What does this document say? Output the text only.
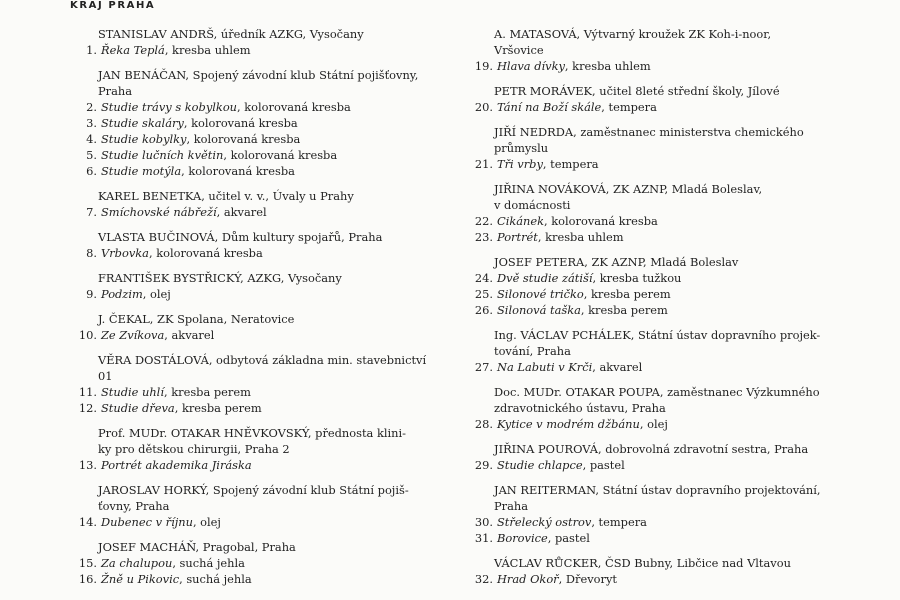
KRAJ PRAHA
STANISLAV ANDRŠ, úředník AZKG, Vysočany
1. Řeka Teplá, kresba uhlem
JAN BENÁČAN, Spojený závodní klub Státní pojišťovny,
Praha
2. Studie trávy s kobylkou, kolorovaná kresba
3. Studie skaláry, kolorovaná kresba
4. Studie kobylky, kolorovaná kresba
5. Studie lučních květin, kolorovaná kresba
6. Studie motýla, kolorovaná kresba
KAREL BENETKA, učitel v. v., Úvaly u Prahy
7. Smíchovské nábřeží, akvarel
VLASTA BUČINOVÁ, Dům kultury spojařů, Praha
8. Vrbovka, kolorovaná kresba
FRANTIŠEK BYSTŘICKÝ, AZKG, Vysočany
9. Podzim, olej
J. ČEKAL, ZK Spolana, Neratovice
10. Ze Zvíkova, akvarel
VĚRA DOSTÁLOVÁ, odbytová základna min. stavebnictví
01
11. Studie uhlí, kresba perem
12. Studie dřeva, kresba perem
Prof. MUDr. OTAKAR HNĚVKOVSKÝ, přednosta klini-
ky pro dětskou chirurgii, Praha 2
13. Portrét akademika Jiráska
JAROSLAV HORKÝ, Spojený závodní klub Státní pojiš-
ťovny, Praha
14. Dubenec v říjnu, olej
JOSEF MACHÁŇ, Pragobal, Praha
15. Za chalupou, suchá jehla
16. Žně u Pikovic, suchá jehla
A. MATASOVÁ, Výtvarný kroužek ZK Koh-i-noor,
Vršovice
19. Hlava dívky, kresba uhlem
PETR MORÁVEK, učitel 8leté střední školy, Jílové
20. Tání na Boží skále, tempera
JIŘÍ NEDRDA, zaměstnanec ministerstva chemického
průmyslu
21. Tři vrby, tempera
JIŘINA NOVÁKOVÁ, ZK AZNP, Mladá Boleslav,
v domácnosti
22. Cikánek, kolorovaná kresba
23. Portrét, kresba uhlem
JOSEF PETERA, ZK AZNP, Mladá Boleslav
24. Dvě studie zátiší, kresba tužkou
25. Silonové tričko, kresba perem
26. Silonová taška, kresba perem
Ing. VÁCLAV PCHÁLEK, Státní ústav dopravního projek-
tování, Praha
27. Na Labuti v Krči, akvarel
Doc. MUDr. OTAKAR POUPA, zaměstnanec Výzkumného
zdravotnického ústavu, Praha
28. Kytice v modrém džbánu, olej
JIŘINA POUROVÁ, dobrovolná zdravotní sestra, Praha
29. Studie chlapce, pastel
JAN REITERMAN, Státní ústav dopravního projektování,
Praha
30. Střelecký ostrov, tempera
31. Borovice, pastel
VÁCLAV RŮCKER, ČSD Bubny, Libčice nad Vltavou
32. Hrad Okoř, Dřevoryt
